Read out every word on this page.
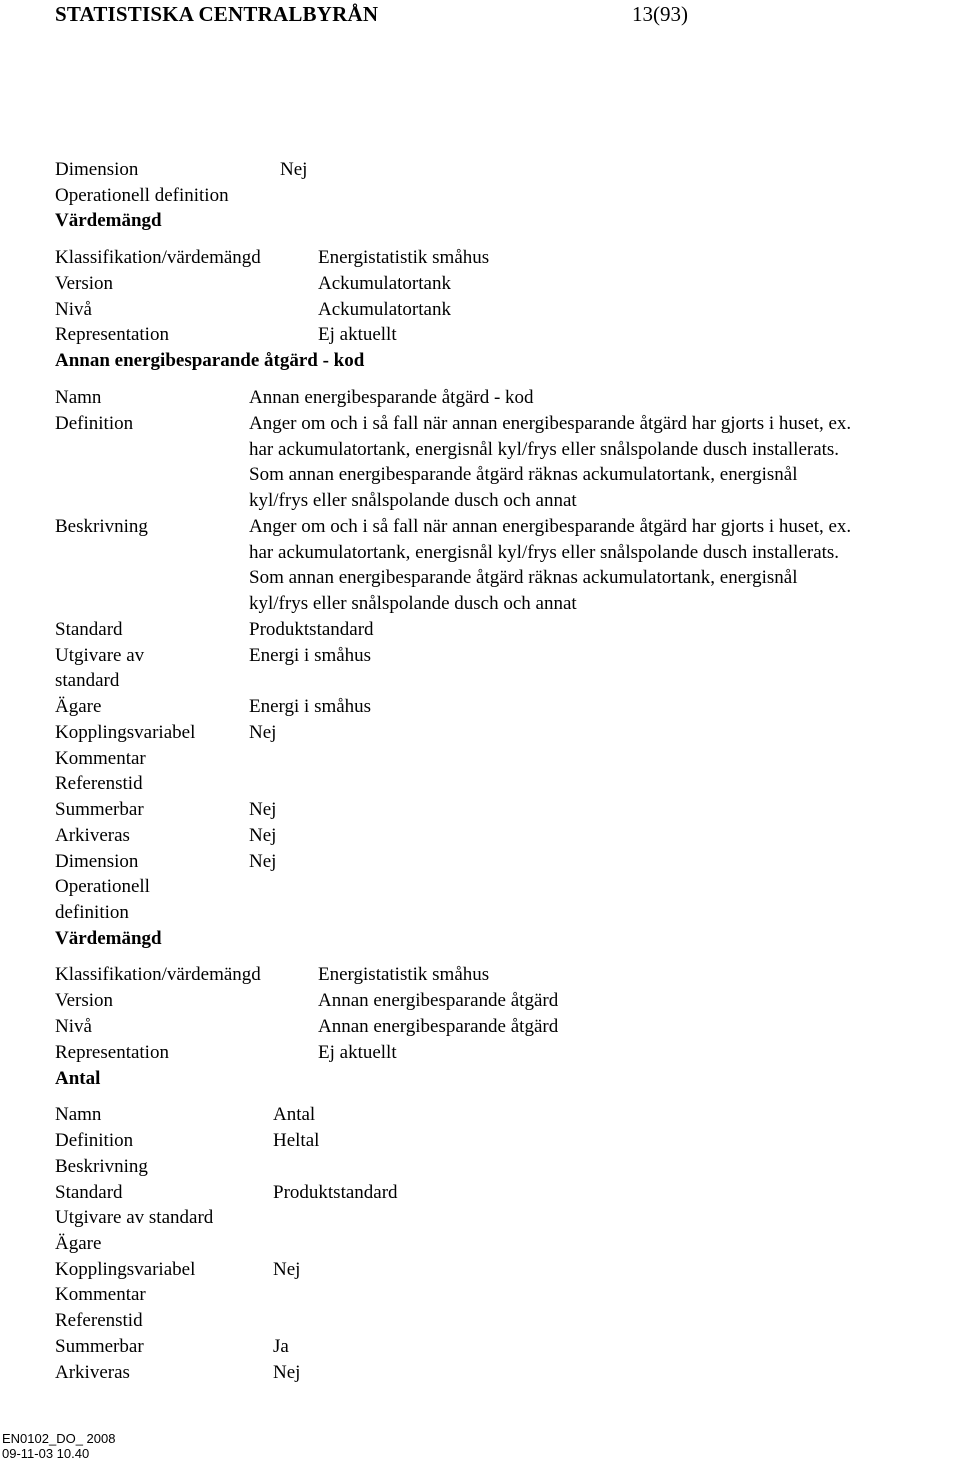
STATISTISKA CENTRALBYRÅN	13(93)
Dimension	Nej
Operationell definition
Värdemängd
Klassifikation/värdemängd	Energistatistik småhus
Version	Ackumulatortank
Nivå	Ackumulatortank
Representation	Ej aktuellt
Annan energibesparande åtgärd - kod
Namn	Annan energibesparande åtgärd - kod
Definition	Anger om och i så fall när annan energibesparande åtgärd har gjorts i huset, ex.
har ackumulatortank, energisnål kyl/frys eller snålspolande dusch installerats.
Som annan energibesparande åtgärd räknas ackumulatortank, energisnål
kyl/frys eller snålspolande dusch och annat
Beskrivning	Anger om och i så fall när annan energibesparande åtgärd har gjorts i huset, ex.
har ackumulatortank, energisnål kyl/frys eller snålspolande dusch installerats.
Som annan energibesparande åtgärd räknas ackumulatortank, energisnål
kyl/frys eller snålspolande dusch och annat
Standard	Produktstandard
Utgivare av	Energi i småhus
standard
Ägare	Energi i småhus
Kopplingsvariabel	Nej
Kommentar
Referenstid
Summerbar	Nej
Arkiveras	Nej
Dimension	Nej
Operationell
definition
Värdemängd
Klassifikation/värdemängd	Energistatistik småhus
Version	Annan energibesparande åtgärd
Nivå	Annan energibesparande åtgärd
Representation	Ej aktuellt
Antal
Namn	Antal
Definition	Heltal
Beskrivning
Standard	Produktstandard
Utgivare av standard
Ägare
Kopplingsvariabel	Nej
Kommentar
Referenstid
Summerbar	Ja
Arkiveras	Nej
EN0102_DO_ 2008
09-11-03 10.40
